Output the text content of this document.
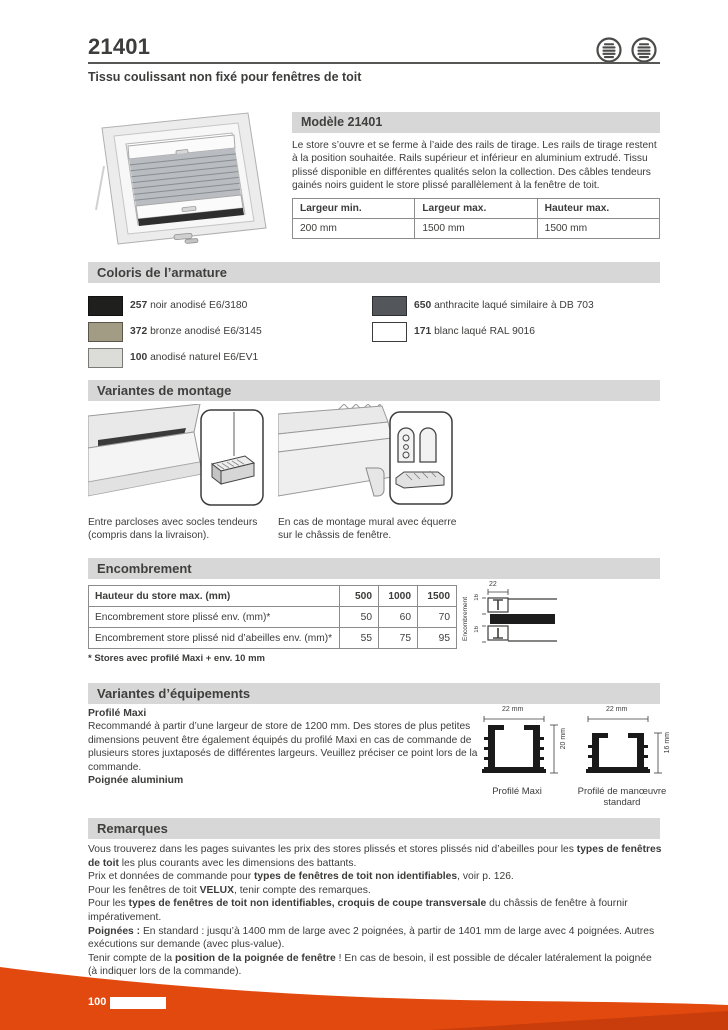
21401
Tissu coulissant non fixé pour fenêtres de toit
Modèle 21401
Le store s’ouvre et se ferme à l’aide des rails de tirage. Les rails de tirage restent à la position souhaitée. Rails supérieur et inférieur en aluminium extrudé. Tissu plissé disponible en différentes qualités selon la collection. Des câbles tendeurs gainés noirs guident le store plissé parallèlement à la fenêtre de toit.
Largeur min.	Largeur max.	Hauteur max.
200 mm	1500 mm	1500 mm
Coloris de l’armature
257 noir anodisé E6/3180
372 bronze anodisé E6/3145
100 anodisé naturel E6/EV1
650 anthracite laqué similaire à DB 703
171 blanc laqué RAL 9016
Variantes de montage
Entre parcloses avec socles tendeurs (compris dans la livraison).
En cas de montage mural avec équerre sur le châssis de fenêtre.
Encombrement
Hauteur du store max. (mm)	500	1000	1500
Encombrement store plissé env. (mm)*	50	60	70
Encombrement store plissé nid d’abeilles env. (mm)*	55	75	95 Encombrement
22
16
16
* Stores avec profilé Maxi + env. 10 mm
Variantes d’équipements
Profilé Maxi
Recommandé à partir d’une largeur de store de 1200 mm. Des stores de plus petites dimensions peuvent être également équipés du profilé Maxi en cas de commande de plusieurs stores juxtaposés de différentes largeurs. Veuillez préciser ce point lors de la commande.
Poignée aluminium
22 mm
20 mm
Profilé Maxi
22 mm
16 mm
Profilé de manœuvre standard
Remarques

Vous trouverez dans les pages suivantes les prix des stores plissés et stores plissés nid d’abeilles pour les types de fenêtres de toit les plus courants avec les dimensions des battants.

Prix et données de commande pour types de fenêtres de toit non identifiables, voir p. 126.

Pour les fenêtres de toit VELUX, tenir compte des remarques.

Pour les types de fenêtres de toit non identifiables, croquis de coupe transversale du châssis de fenêtre à fournir impérativement.

Poignées : En standard : jusqu’à 1400 mm de large avec 2 poignées, à partir de 1401 mm de large avec 4 poignées. Autres exécutions sur demande (avec plus-value).

Tenir compte de la position de la poignée de fenêtre ! En cas de besoin, il est possible de décaler latéralement la poignée (à indiquer lors de la commande).

100
